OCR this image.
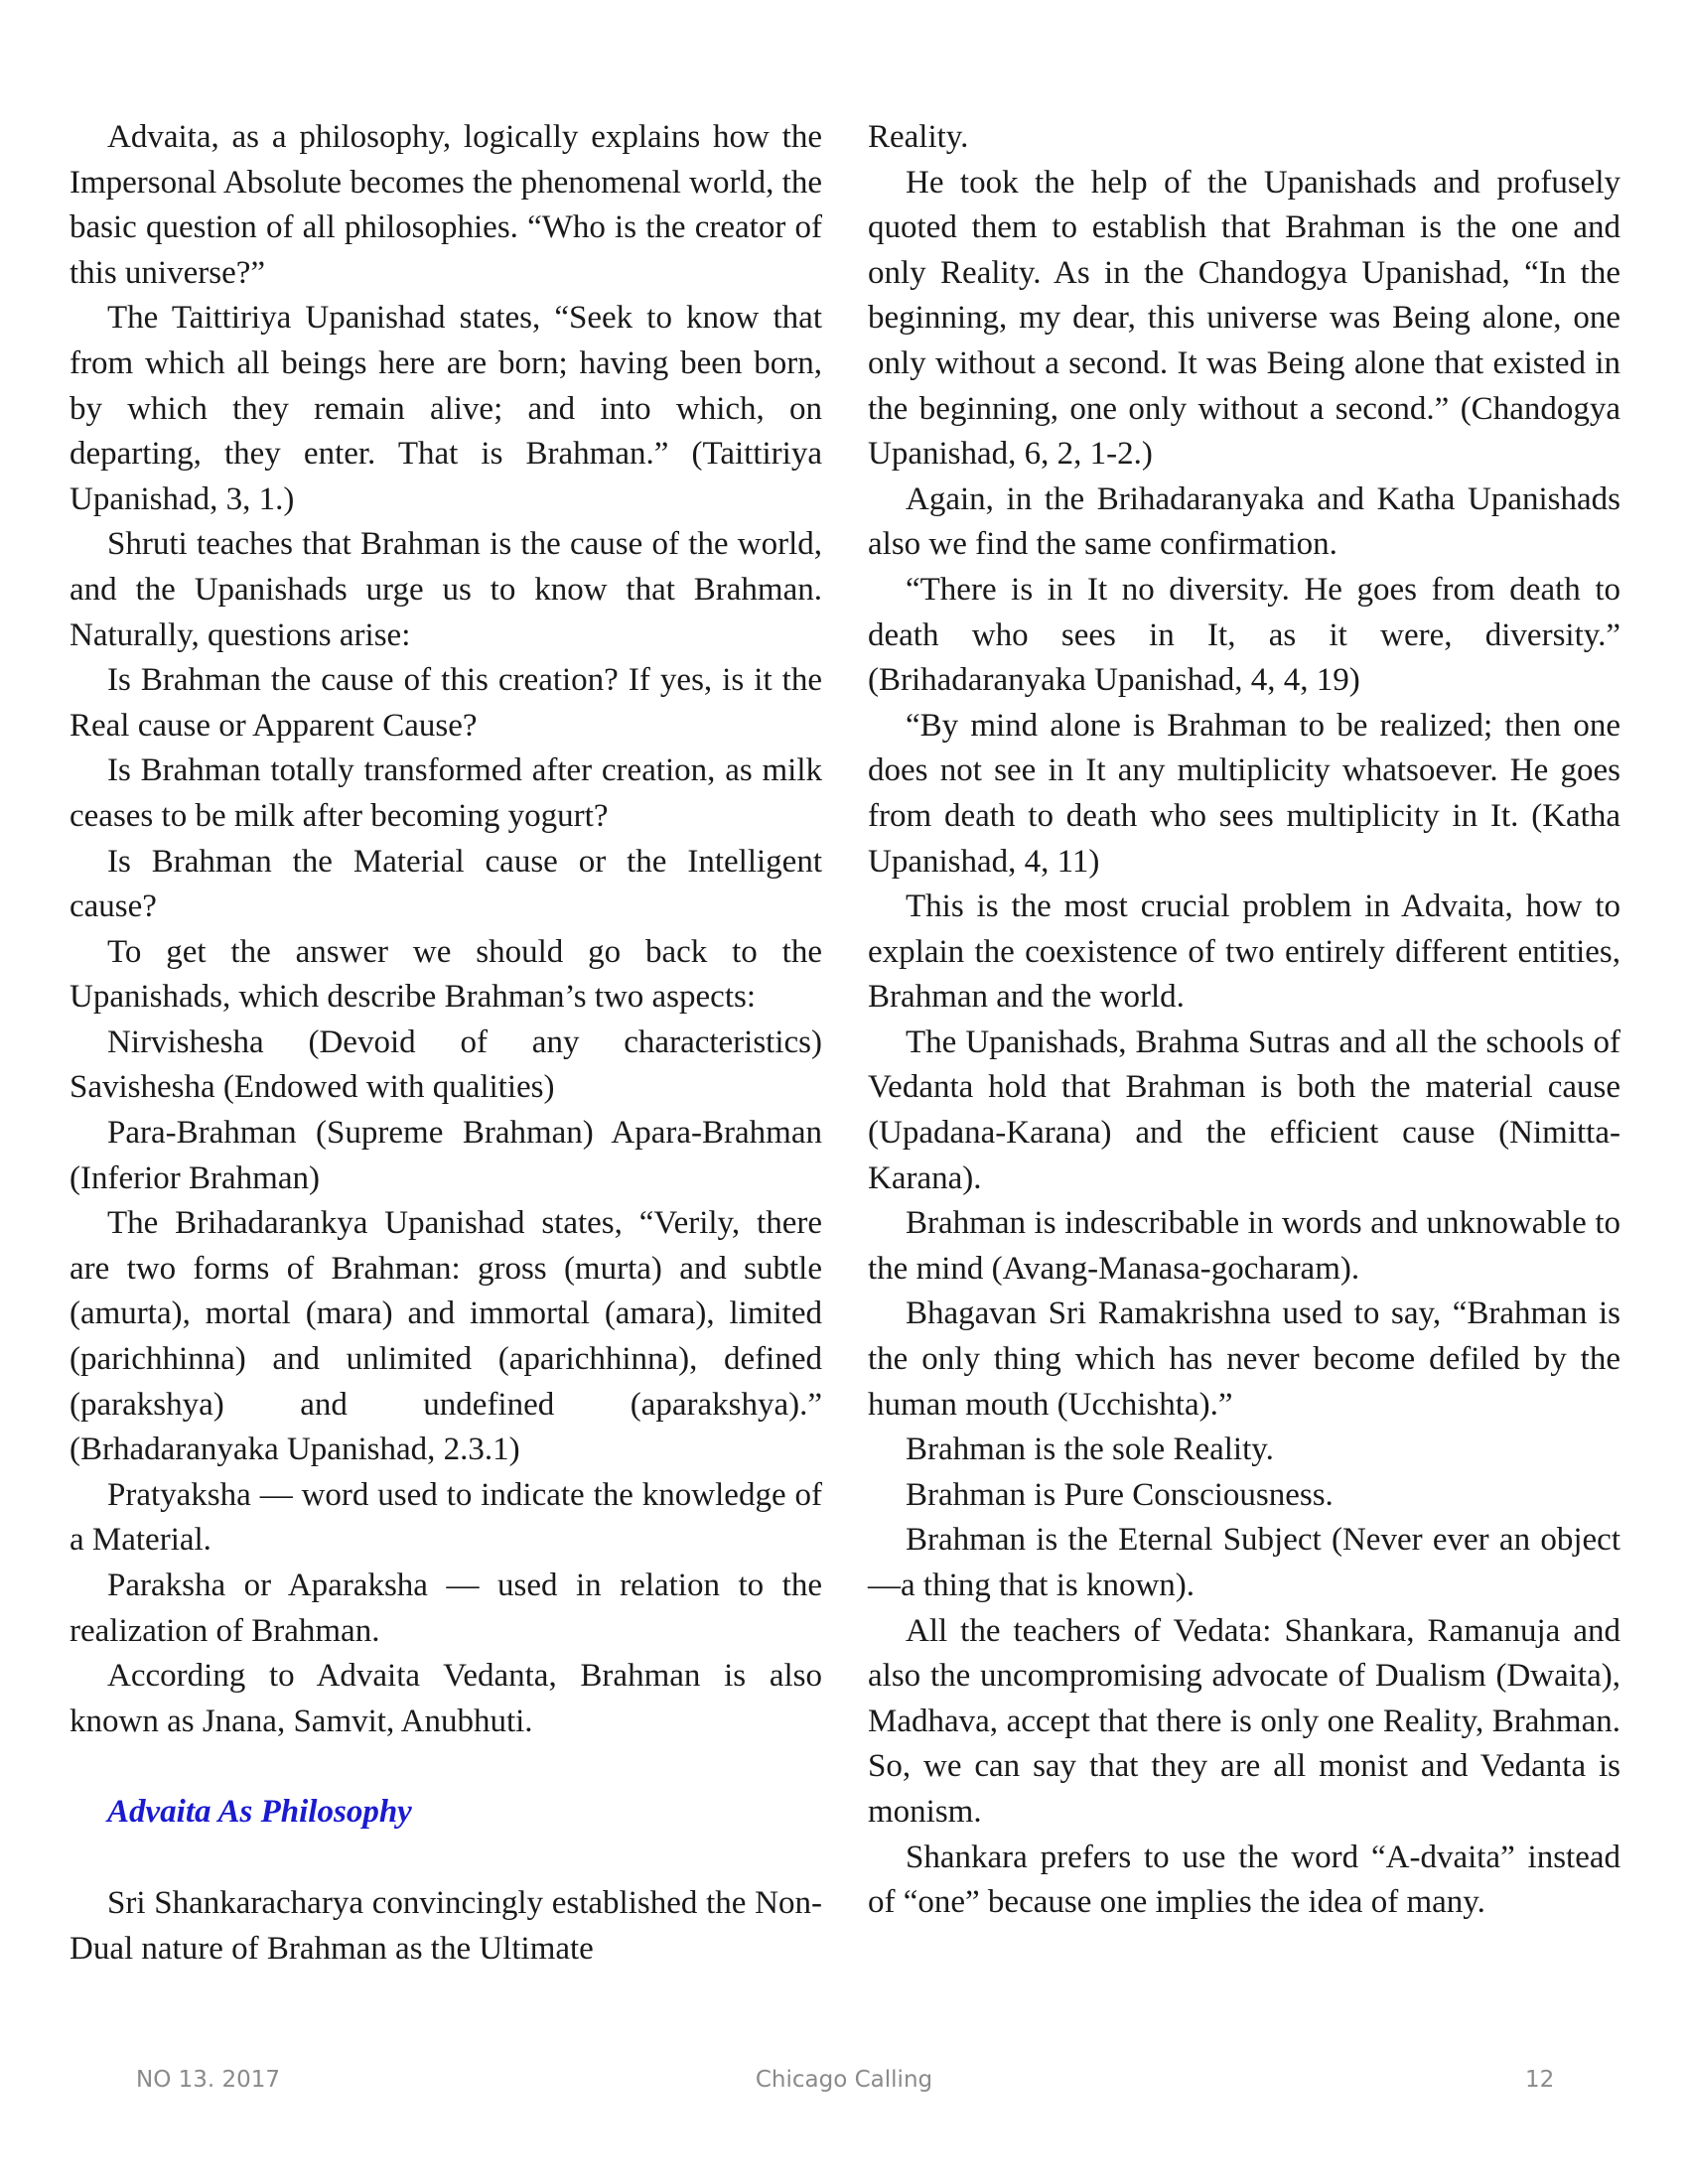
Advaita, as a philosophy, logically explains how the Impersonal Absolute becomes the phenomenal world, the basic question of all philosophies. “Who is the creator of this universe?”

The Taittiriya Upanishad states, “Seek to know that from which all beings here are born; having been born, by which they remain alive; and into which, on departing, they enter. That is Brahman.” (Taittiriya Upanishad, 3, 1.)

Shruti teaches that Brahman is the cause of the world, and the Upanishads urge us to know that Brahman. Naturally, questions arise:

Is Brahman the cause of this creation? If yes, is it the Real cause or Apparent Cause?

Is Brahman totally transformed after creation, as milk ceases to be milk after becoming yogurt?

Is Brahman the Material cause or the Intelligent cause?

To get the answer we should go back to the Upanishads, which describe Brahman’s two aspects:

Nirvishesha (Devoid of any characteristics) Savishesha (Endowed with qualities)

Para-Brahman (Supreme Brahman) Apara-Brahman (Inferior Brahman)

The Brihadarankya Upanishad states, “Verily, there are two forms of Brahman: gross (murta) and subtle (amurta), mortal (mara) and immortal (amara), limited (parichhinna) and unlimited (aparichhinna), defined (parakshya) and undefined (aparakshya).” (Brhadaranyaka Upanishad, 2.3.1)

Pratyaksha — word used to indicate the knowledge of a Material.

Paraksha or Aparaksha — used in relation to the realization of Brahman.

According to Advaita Vedanta, Brahman is also known as Jnana, Samvit, Anubhuti.

Advaita As Philosophy

Sri Shankaracharya convincingly established the Non-Dual nature of Brahman as the Ultimate

Reality.

He took the help of the Upanishads and profusely quoted them to establish that Brahman is the one and only Reality. As in the Chandogya Upanishad, “In the beginning, my dear, this universe was Being alone, one only without a second. It was Being alone that existed in the beginning, one only without a second.” (Chandogya Upanishad, 6, 2, 1-2.)

Again, in the Brihadaranyaka and Katha Upanishads also we find the same confirmation.

“There is in It no diversity. He goes from death to death who sees in It, as it were, diversity.” (Brihadaranyaka Upanishad, 4, 4, 19)

“By mind alone is Brahman to be realized; then one does not see in It any multiplicity whatsoever. He goes from death to death who sees multiplicity in It. (Katha Upanishad, 4, 11)

This is the most crucial problem in Advaita, how to explain the coexistence of two entirely different entities, Brahman and the world.

The Upanishads, Brahma Sutras and all the schools of Vedanta hold that Brahman is both the material cause (Upadana-Karana) and the efficient cause (Nimitta-Karana).

Brahman is indescribable in words and unknowable to the mind (Avang-Manasa-gocharam).

Bhagavan Sri Ramakrishna used to say, “Brahman is the only thing which has never become defiled by the human mouth (Ucchishta).”

Brahman is the sole Reality.

Brahman is Pure Consciousness.

Brahman is the Eternal Subject (Never ever an object—a thing that is known).

All the teachers of Vedata: Shankara, Ramanuja and also the uncompromising advocate of Dualism (Dwaita), Madhava, accept that there is only one Reality, Brahman. So, we can say that they are all monist and Vedanta is monism.

Shankara prefers to use the word “A-dvaita” instead of “one” because one implies the idea of many.

NO 13. 2017	Chicago Calling	12
